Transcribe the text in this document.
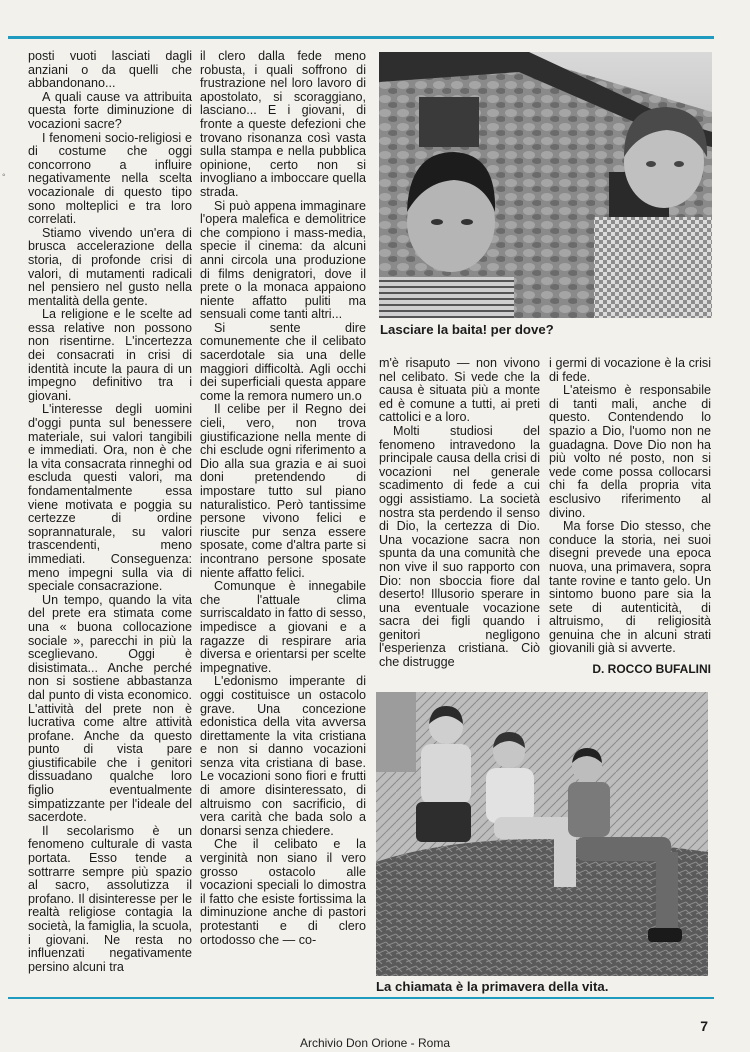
◦

posti vuoti lasciati dagli anziani o da quelli che abbandonano...

A quali cause va attribuita questa forte diminuzione di vocazioni sacre?

I fenomeni socio-religiosi e di costume che oggi concorrono a influire negativamente nella scelta vocazionale di questo tipo sono molteplici e tra loro correlati.

Stiamo vivendo un'era di brusca accelerazione della storia, di profonde crisi di valori, di mutamenti radicali nel pensiero nel gusto nella mentalità della gente.

La religione e le scelte ad essa relative non possono non risentirne. L'incertezza dei consacrati in crisi di identità incute la paura di un impegno definitivo tra i giovani.

L'interesse degli uomini d'oggi punta sul benessere materiale, sui valori tangibili e immediati. Ora, non è che la vita consacrata rinneghi od escluda questi valori, ma fondamentalmente essa viene motivata e poggia su certezze di ordine soprannaturale, su valori trascendenti, meno immediati. Conseguenza: meno impegni sulla via di speciale consacrazione.

Un tempo, quando la vita del prete era stimata come una « buona collocazione sociale », parecchi in più la sceglievano. Oggi è disistimata... Anche perché non si sostiene abbastanza dal punto di vista economico. L'attività del prete non è lucrativa come altre attività profane. Anche da questo punto di vista pare giustificabile che i genitori dissuadano qualche loro figlio eventualmente simpatizzante per l'ideale del sacerdote.

Il secolarismo è un fenomeno culturale di vasta portata. Esso tende a sottrarre sempre più spazio al sacro, assolutizza il profano. Il disinteresse per le realtà religiose contagia la società, la famiglia, la scuola, i giovani. Ne resta no influenzati negativamente persino alcuni tra

il clero dalla fede meno robusta, i quali soffrono di frustrazione nel loro lavoro di apostolato, si scoraggiano, lasciano... E i giovani, di fronte a queste defezioni che trovano risonanza così vasta sulla stampa e nella pubblica opinione, certo non si invogliano a imboccare quella strada.

Si può appena immaginare l'opera malefica e demolitrice che compiono i mass-media, specie il cinema: da alcuni anni circola una produzione di films denigratori, dove il prete o la monaca appaiono niente affatto puliti ma sensuali come tanti altri...

Si sente dire comunemente che il celibato sacerdotale sia una delle maggiori difficoltà. Agli occhi dei superficiali questa appare come la remora numero un.o

Il celibe per il Regno dei cieli, vero, non trova giustificazione nella mente di chi esclude ogni riferimento a Dio alla sua grazia e ai suoi doni pretendendo di impostare tutto sul piano naturalistico. Però tantissime persone vivono felici e riuscite pur senza essere sposate, come d'altra parte si incontrano persone sposate niente affatto felici.

Comunque è innegabile che l'attuale clima surriscaldato in fatto di sesso, impedisce a giovani e a ragazze di respirare aria diversa e orientarsi per scelte impegnative.

L'edonismo imperante di oggi costituisce un ostacolo grave. Una concezione edonistica della vita avversa direttamente la vita cristiana e non si danno vocazioni senza vita cristiana di base. Le vocazioni sono fiori e frutti di amore disinteressato, di altruismo con sacrificio, di vera carità che bada solo a donarsi senza chiedere.

Che il celibato e la verginità non siano il vero grosso ostacolo alle vocazioni speciali lo dimostra il fatto che esiste fortissima la diminuzione anche di pastori protestanti e di clero ortodosso che — co-

Lasciare la baita! per dove?

m'è risaputo — non vivono nel celibato. Si vede che la causa è situata più a monte ed è comune a tutti, ai preti cattolici e a loro.

Molti studiosi del fenomeno intravedono la principale causa della crisi di vocazioni nel generale scadimento di fede a cui oggi assistiamo. La società nostra sta perdendo il senso di Dio, la certezza di Dio. Una vocazione sacra non spunta da una comunità che non vive il suo rapporto con Dio: non sboccia fiore dal deserto! Illusorio sperare in una eventuale vocazione sacra dei figli quando i genitori negligono l'esperienza cristiana. Ciò che distrugge

i germi di vocazione è la crisi di fede.

L'ateismo è responsabile di tanti mali, anche di questo. Contendendo lo spazio a Dio, l'uomo non ne guadagna. Dove Dio non ha più volto né posto, non si vede come possa collocarsi chi fa della propria vita esclusivo riferimento al divino.

Ma forse Dio stesso, che conduce la storia, nei suoi disegni prevede una epoca nuova, una primavera, sopra tante rovine e tanto gelo. Un sintomo buono pare sia la sete di autenticità, di altruismo, di religiosità genuina che in alcuni strati giovanili già si avverte.

D. ROCCO BUFALINI
La chiamata è la primavera della vita.
7
Archivio Don Orione - Roma
